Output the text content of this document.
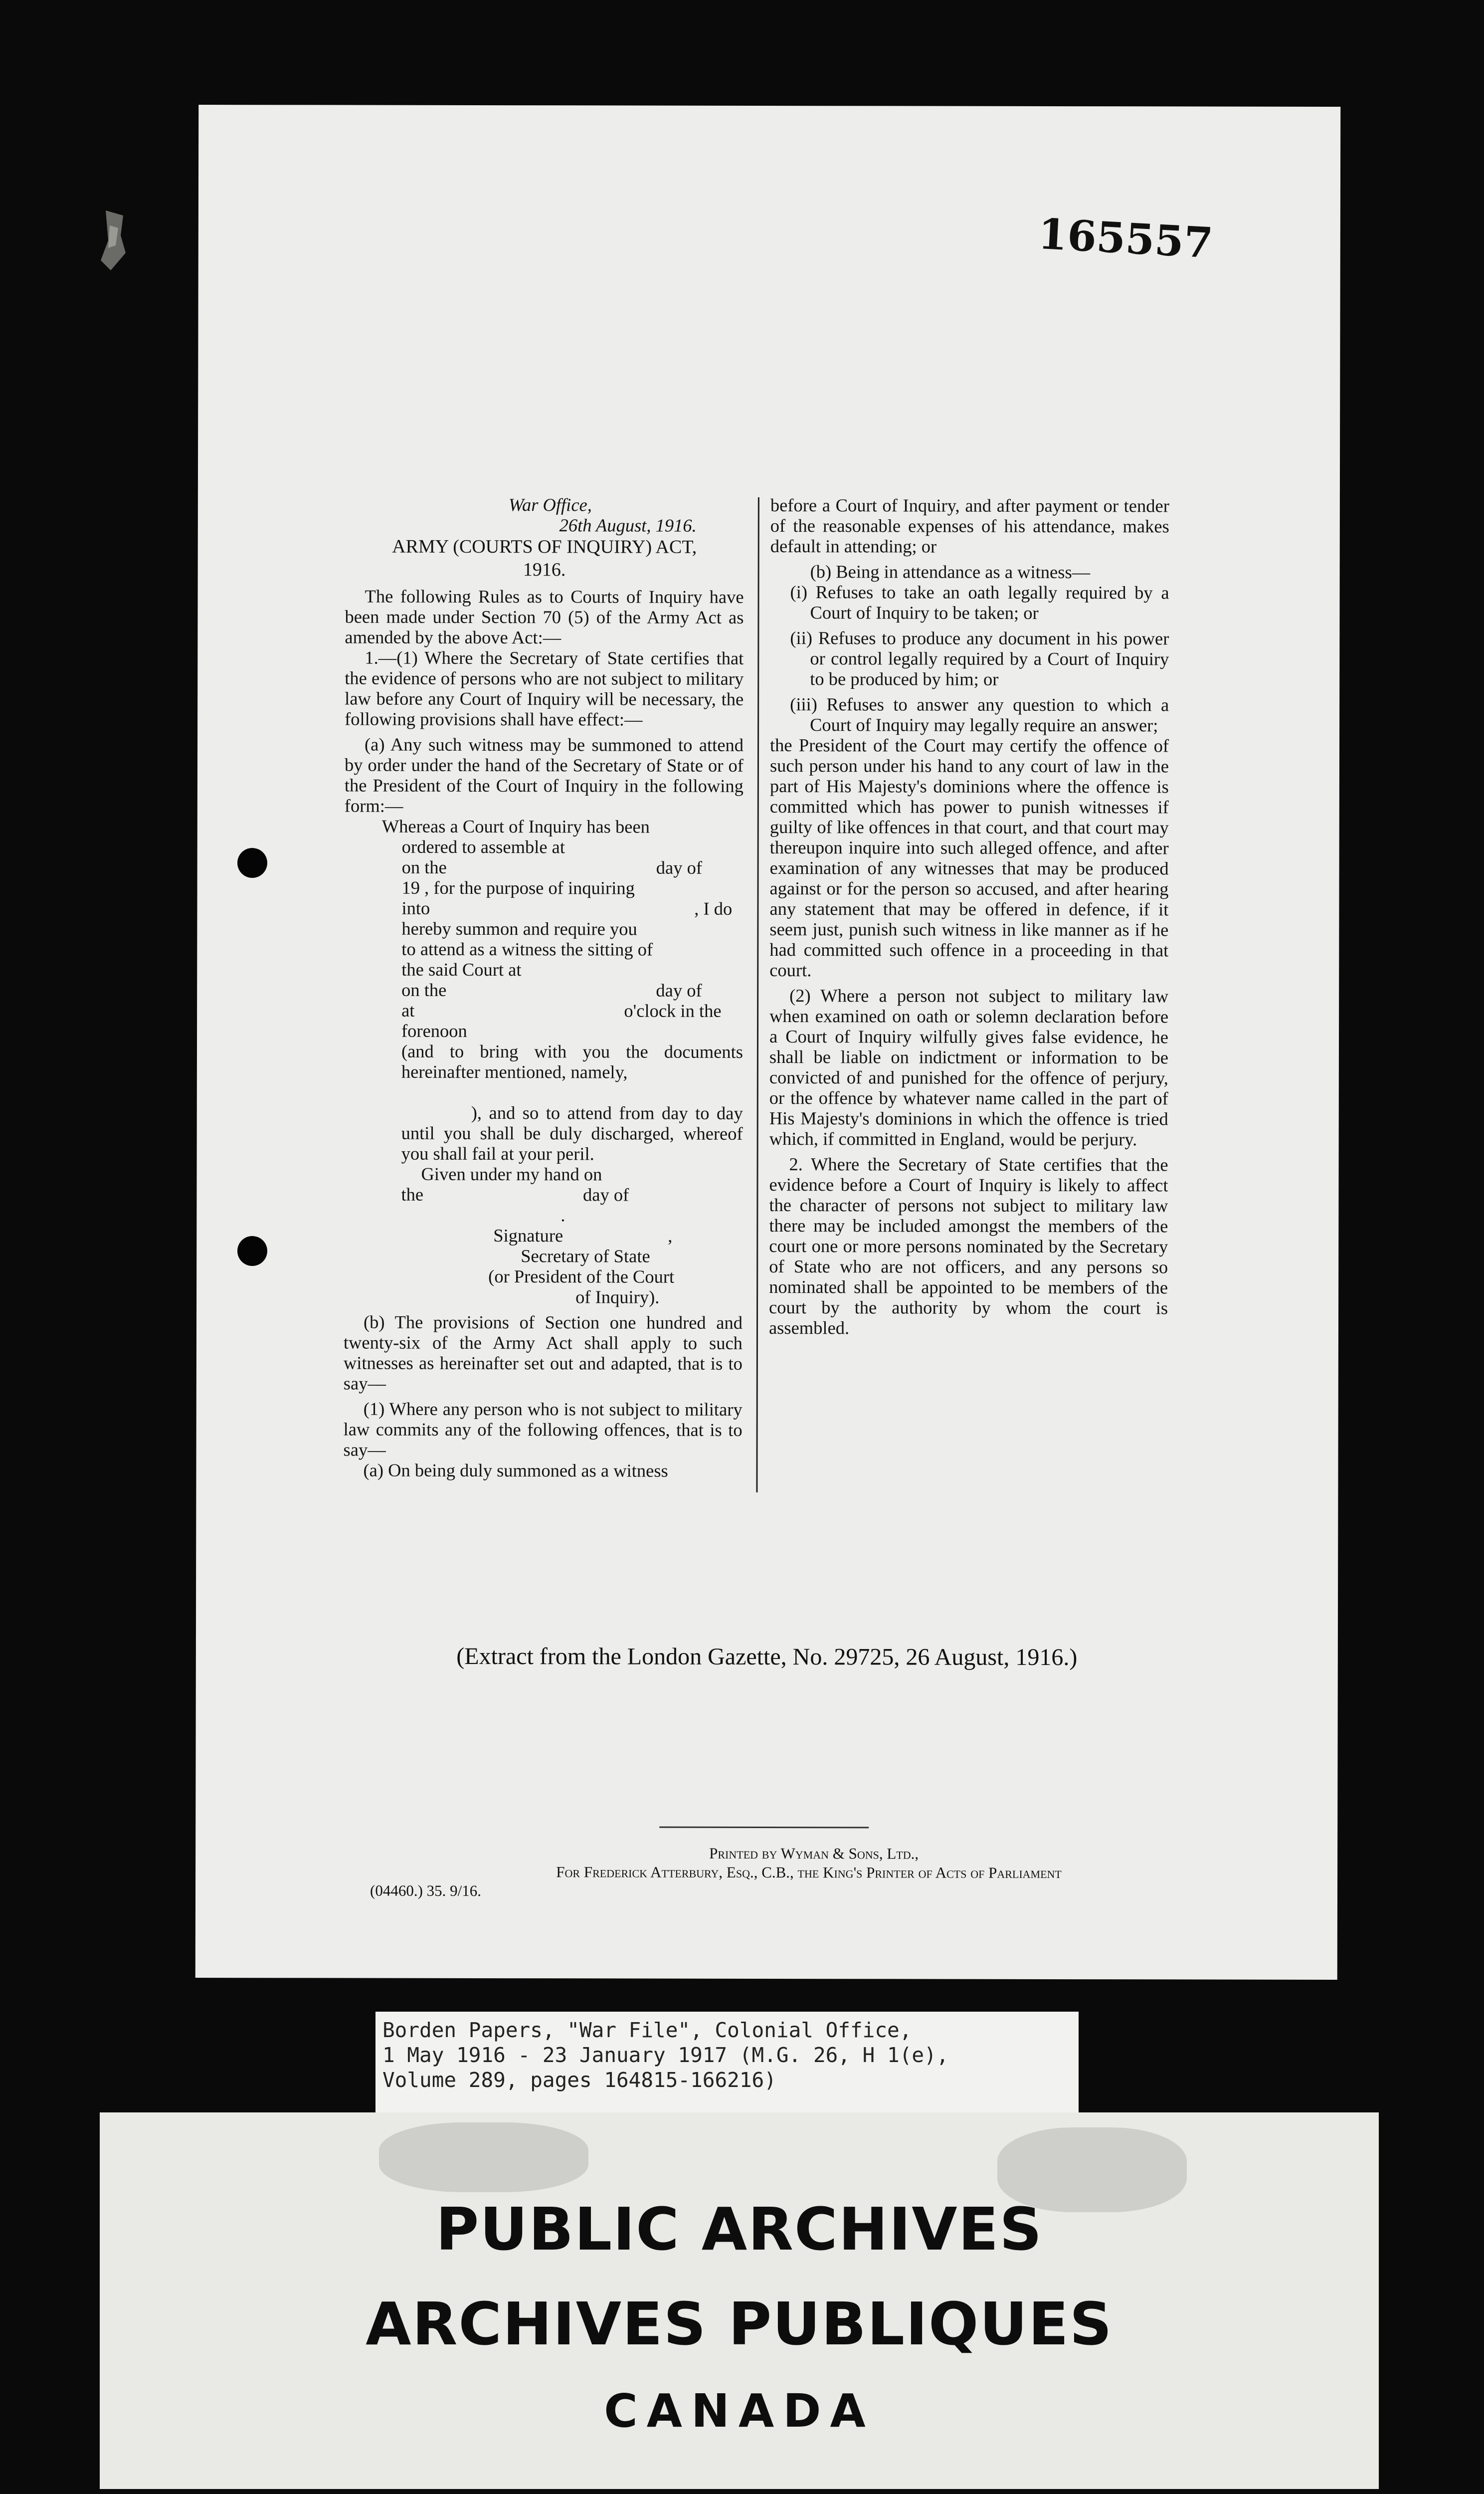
165557
War Office,
26th August, 1916.
ARMY (COURTS OF INQUIRY) ACT,
1916.

The following Rules as to Courts of Inquiry have been made under Section 70 (5) of the Army Act as amended by the above Act:—

1.—(1) Where the Secretary of State certifies that the evidence of persons who are not subject to military law before any Court of Inquiry will be necessary, the following provisions shall have effect:—

(a) Any such witness may be summoned to attend by order under the hand of the Secretary of State or of the President of the Court of Inquiry in the following form:—

Whereas a Court of Inquiry has been
ordered to assemble at
on the	day of
19 , for the purpose of inquiring
into	, I do
hereby summon and require you
to attend as a witness the sitting of
the said Court at
on the	day of
at	o'clock in the forenoon
(and to bring with you the documents hereinafter mentioned, namely,
), and so to attend from day to day until you shall be duly discharged, whereof you shall fail at your peril.
Given under my hand on
the	day of.
Signature	,
Secretary of State
(or President of the Court
of Inquiry).

(b) The provisions of Section one hundred and twenty-six of the Army Act shall apply to such witnesses as hereinafter set out and adapted, that is to say—

(1) Where any person who is not subject to military law commits any of the following offences, that is to say—

(a) On being duly summoned as a witness

before a Court of Inquiry, and after payment or tender of the reasonable expenses of his attendance, makes default in attending; or

(b) Being in attendance as a witness—

(i) Refuses to take an oath legally required by a Court of Inquiry to be taken; or

(ii) Refuses to produce any document in his power or control legally required by a Court of Inquiry to be produced by him; or

(iii) Refuses to answer any question to which a Court of Inquiry may legally require an answer;

the President of the Court may certify the offence of such person under his hand to any court of law in the part of His Majesty's dominions where the offence is committed which has power to punish witnesses if guilty of like offences in that court, and that court may thereupon inquire into such alleged offence, and after examination of any witnesses that may be produced against or for the person so accused, and after hearing any statement that may be offered in defence, if it seem just, punish such witness in like manner as if he had committed such offence in a proceeding in that court.

(2) Where a person not subject to military law when examined on oath or solemn declaration before a Court of Inquiry wilfully gives false evidence, he shall be liable on indictment or information to be convicted of and punished for the offence of perjury, or the offence by whatever name called in the part of His Majesty's dominions in which the offence is tried which, if committed in England, would be perjury.

2. Where the Secretary of State certifies that the evidence before a Court of Inquiry is likely to affect the character of persons not subject to military law there may be included amongst the members of the court one or more persons nominated by the Secretary of State who are not officers, and any persons so nominated shall be appointed to be members of the court by the authority by whom the court is assembled.

(Extract from the London Gazette, No. 29725, 26 August, 1916.)
Printed by Wyman & Sons, Ltd.,
For Frederick Atterbury, Esq., C.B., the King's Printer of Acts of Parliament
(04460.) 35. 9/16.
Borden Papers, "War File", Colonial Office,
1 May 1916 - 23 January 1917 (M.G. 26, H 1(e),
Volume 289, pages 164815-166216)
PUBLIC ARCHIVES
ARCHIVES PUBLIQUES
CANADA
